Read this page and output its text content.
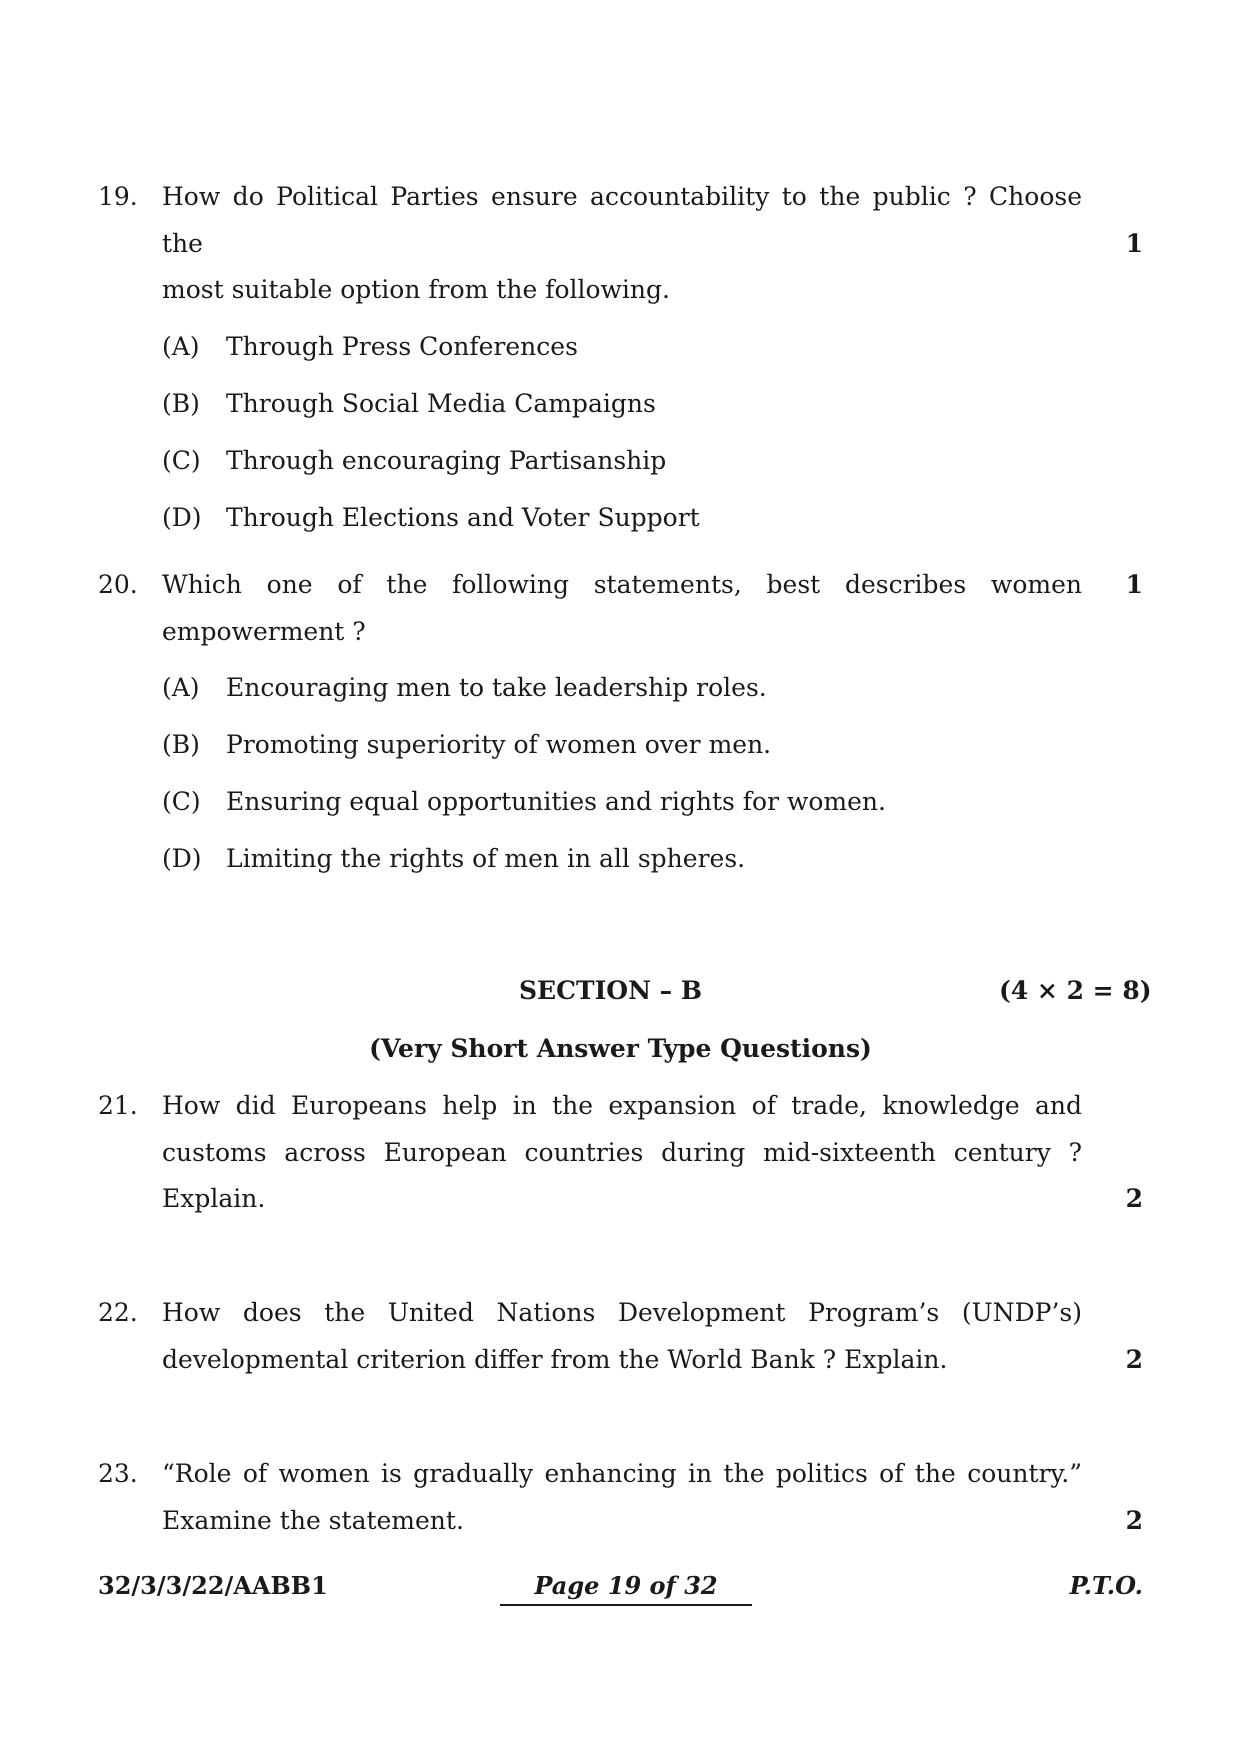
19. How do Political Parties ensure accountability to the public ? Choose the
most suitable option from the following.
1
(A) Through Press Conferences
(B) Through Social Media Campaigns
(C) Through encouraging Partisanship
(D) Through Elections and Voter Support
20. Which one of the following statements, best describes women empowerment ?
1
(A) Encouraging men to take leadership roles.
(B) Promoting superiority of women over men.
(C) Ensuring equal opportunities and rights for women.
(D) Limiting the rights of men in all spheres.
SECTION – B	(4 × 2 = 8)
(Very Short Answer Type Questions)
21. How did Europeans help in the expansion of trade, knowledge and
customs across European countries during mid-sixteenth century ?
Explain.	2
22. How does the United Nations Development Program’s (UNDP’s)
developmental criterion differ from the World Bank ? Explain.	2
23. “Role of women is gradually enhancing in the politics of the country.”
Examine the statement.	2
32/3/3/22/AABB1	Page 19 of 32	P.T.O.
